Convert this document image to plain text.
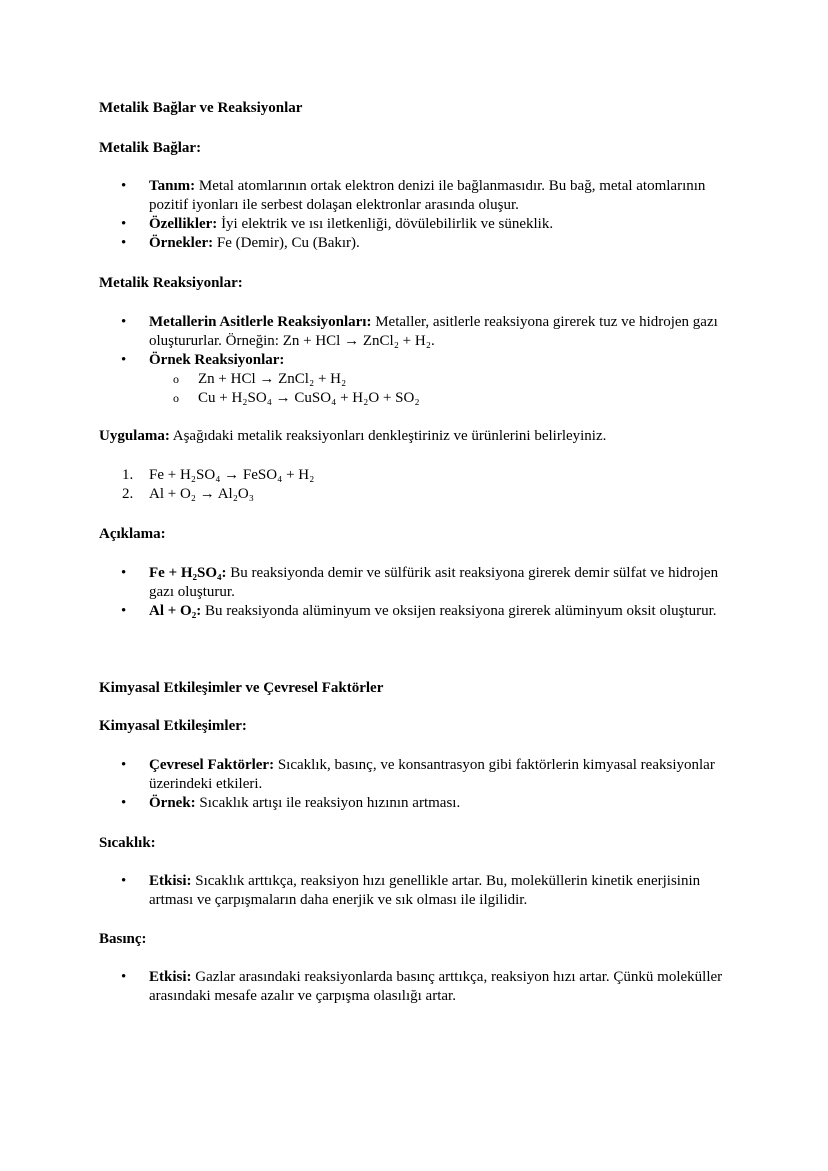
Metalik Bağlar ve Reaksiyonlar
Metalik Bağlar:
• Tanım: Metal atomlarının ortak elektron denizi ile bağlanmasıdır. Bu bağ, metal atomlarının pozitif iyonları ile serbest dolaşan elektronlar arasında oluşur.
• Özellikler: İyi elektrik ve ısı iletkenliği, dövülebilirlik ve süneklik.
• Örnekler: Fe (Demir), Cu (Bakır).
Metalik Reaksiyonlar:
• Metallerin Asitlerle Reaksiyonları: Metaller, asitlerle reaksiyona girerek tuz ve hidrojen gazı oluştururlar. Örneğin: Zn + HCl → ZnCl₂ + H₂.
• Örnek Reaksiyonlar:
o Zn + HCl → ZnCl₂ + H₂
o Cu + H₂SO₄ → CuSO₄ + H₂O + SO₂

Uygulama: Aşağıdaki metalik reaksiyonları denkleştiriniz ve ürünlerini belirleyiniz.

1. Fe + H₂SO₄ → FeSO₄ + H₂
2. Al + O₂ → Al₂O₃
Açıklama:
• Fe + H₂SO₄: Bu reaksiyonda demir ve sülfürik asit reaksiyona girerek demir sülfat ve hidrojen gazı oluşturur.
• Al + O₂: Bu reaksiyonda alüminyum ve oksijen reaksiyona girerek alüminyum oksit oluşturur.
Kimyasal Etkileşimler ve Çevresel Faktörler
Kimyasal Etkileşimler:
• Çevresel Faktörler: Sıcaklık, basınç, ve konsantrasyon gibi faktörlerin kimyasal reaksiyonlar üzerindeki etkileri.
• Örnek: Sıcaklık artışı ile reaksiyon hızının artması.
Sıcaklık:
• Etkisi: Sıcaklık arttıkça, reaksiyon hızı genellikle artar. Bu, moleküllerin kinetik enerjisinin artması ve çarpışmaların daha enerjik ve sık olması ile ilgilidir.
Basınç:
• Etkisi: Gazlar arasındaki reaksiyonlarda basınç arttıkça, reaksiyon hızı artar. Çünkü moleküller arasındaki mesafe azalır ve çarpışma olasılığı artar.
